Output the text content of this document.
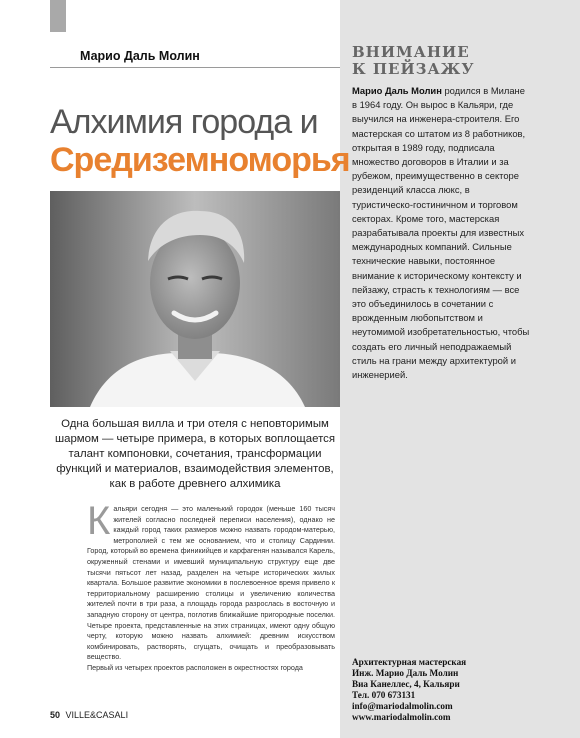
Марио Даль Молин
Алхимия города и
Средиземноморья
Одна большая вилла и три отеля с неповторимым шармом — четыре примера, в которых воплощается талант компоновки, сочетания, трансформации функций и материалов, взаимодействия элементов, как в работе древнего алхимика

Кальяри сегодня — это маленький городок (меньше 160 тысяч жителей согласно последней переписи населения), однако не каждый город таких размеров можно назвать городом-матерью, метрополией с тем же основанием, что и столицу Сардинии. Город, который во времена финикийцев и карфагенян назывался Карель, окруженный стенами и имевший муниципальную структуру еще две тысячи пятьсот лет назад, разделен на четыре исторических жилых квартала. Большое развитие экономики в послевоенное время привело к территориальному расширению столицы и увеличению количества жителей почти в три раза, а площадь города разрослась в восточную и западную сторону от центра, поглотив ближайшие пригородные поселки. Четыре проекта, представленные на этих страницах, имеют одну общую черту, которую можно назвать алхимией: древним искусством комбинировать, растворять, сгущать, очищать и преобразовывать вещество.

Первый из четырех проектов расположен в окрестностях города

50 VILLE&CASALI
ВНИМАНИЕ
К ПЕЙЗАЖУ
Марио Даль Молин родился в Милане в 1964 году. Он вырос в Кальяри, где выучился на инженера-строителя. Его мастерская со штатом из 8 работников, открытая в 1989 году, подписала множество договоров в Италии и за рубежом, преимущественно в секторе резиденций класса люкс, в туристическо-гостиничном и торговом секторах. Кроме того, мастерская разрабатывала проекты для известных международных компаний. Сильные технические навыки, постоянное внимание к историческому контексту и пейзажу, страсть к технологиям — все это объединилось в сочетании с врожденным любопытством и неутомимой изобретательностью, чтобы создать его личный неподражаемый стиль на грани между архитектурой и инженерией.
Архитектурная мастерская
Инж. Марио Даль Молин
Виа Канеллес, 4, Кальяри
Тел. 070 673131
info@mariodalmolin.com
www.mariodalmolin.com
